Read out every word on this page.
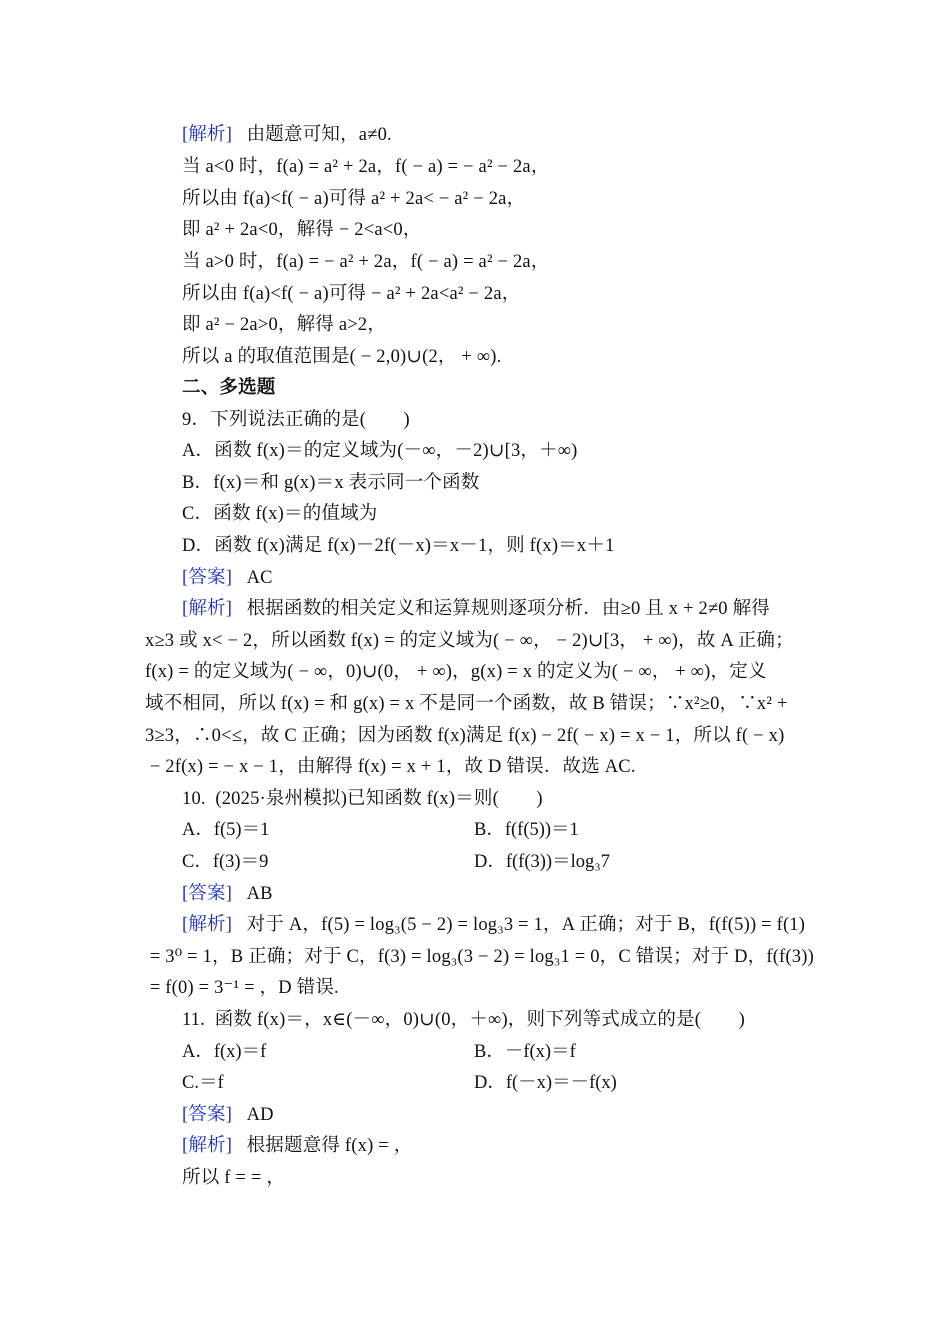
[解析] 由题意可知，a≠0.
当 a<0 时，f(a) = a² + 2a，f( − a) = − a² − 2a，
所以由 f(a)<f( − a)可得 a² + 2a< − a² − 2a，
即 a² + 2a<0，解得 − 2<a<0，
当 a>0 时，f(a) = − a² + 2a，f( − a) = a² − 2a，
所以由 f(a)<f( − a)可得 − a² + 2a<a² − 2a，
即 a² − 2a>0，解得 a>2，
所以 a 的取值范围是( − 2,0)∪(2， + ∞).
二、多选题
9．下列说法正确的是(　　)
A．函数 f(x)＝的定义域为(－∞，－2)∪[3，＋∞)
B．f(x)＝和 g(x)＝x 表示同一个函数
C．函数 f(x)＝的值域为
D．函数 f(x)满足 f(x)－2f(－x)＝x－1，则 f(x)＝x＋1
[答案] AC
[解析] 根据函数的相关定义和运算规则逐项分析．由≥0 且 x + 2≠0 解得
x≥3 或 x< − 2，所以函数 f(x) = 的定义域为( − ∞， − 2)∪[3， + ∞)，故 A 正确；
f(x) = 的定义域为( − ∞，0)∪(0， + ∞)，g(x) = x 的定义为( − ∞， + ∞)，定义
域不相同，所以 f(x) = 和 g(x) = x 不是同一个函数，故 B 错误；∵x²≥0，∵x² +
3≥3，∴0<≤，故 C 正确；因为函数 f(x)满足 f(x) − 2f( − x) = x − 1，所以 f( − x)
− 2f(x) = − x − 1，由解得 f(x) = x + 1，故 D 错误．故选 AC.
10.  (2025·泉州模拟)已知函数 f(x)＝则(　　)
A．f(5)＝1	B．f(f(5))＝1
C．f(3)＝9	D．f(f(3))＝log₃7
[答案] AB
[解析] 对于 A，f(5) = log₃(5 − 2) = log₃3 = 1，A 正确；对于 B，f(f(5)) = f(1)
= 3⁰ = 1，B 正确；对于 C，f(3) = log₃(3 − 2) = log₃1 = 0，C 错误；对于 D，f(f(3))
= f(0) = 3⁻¹ = ，D 错误.
11.  函数 f(x)＝，x∈(－∞，0)∪(0，＋∞)，则下列等式成立的是(　　)
A．f(x)＝f	B．－f(x)＝f
C.＝f	D．f(－x)＝－f(x)
[答案] AD
[解析] 根据题意得 f(x) = ，
所以 f = = ，
